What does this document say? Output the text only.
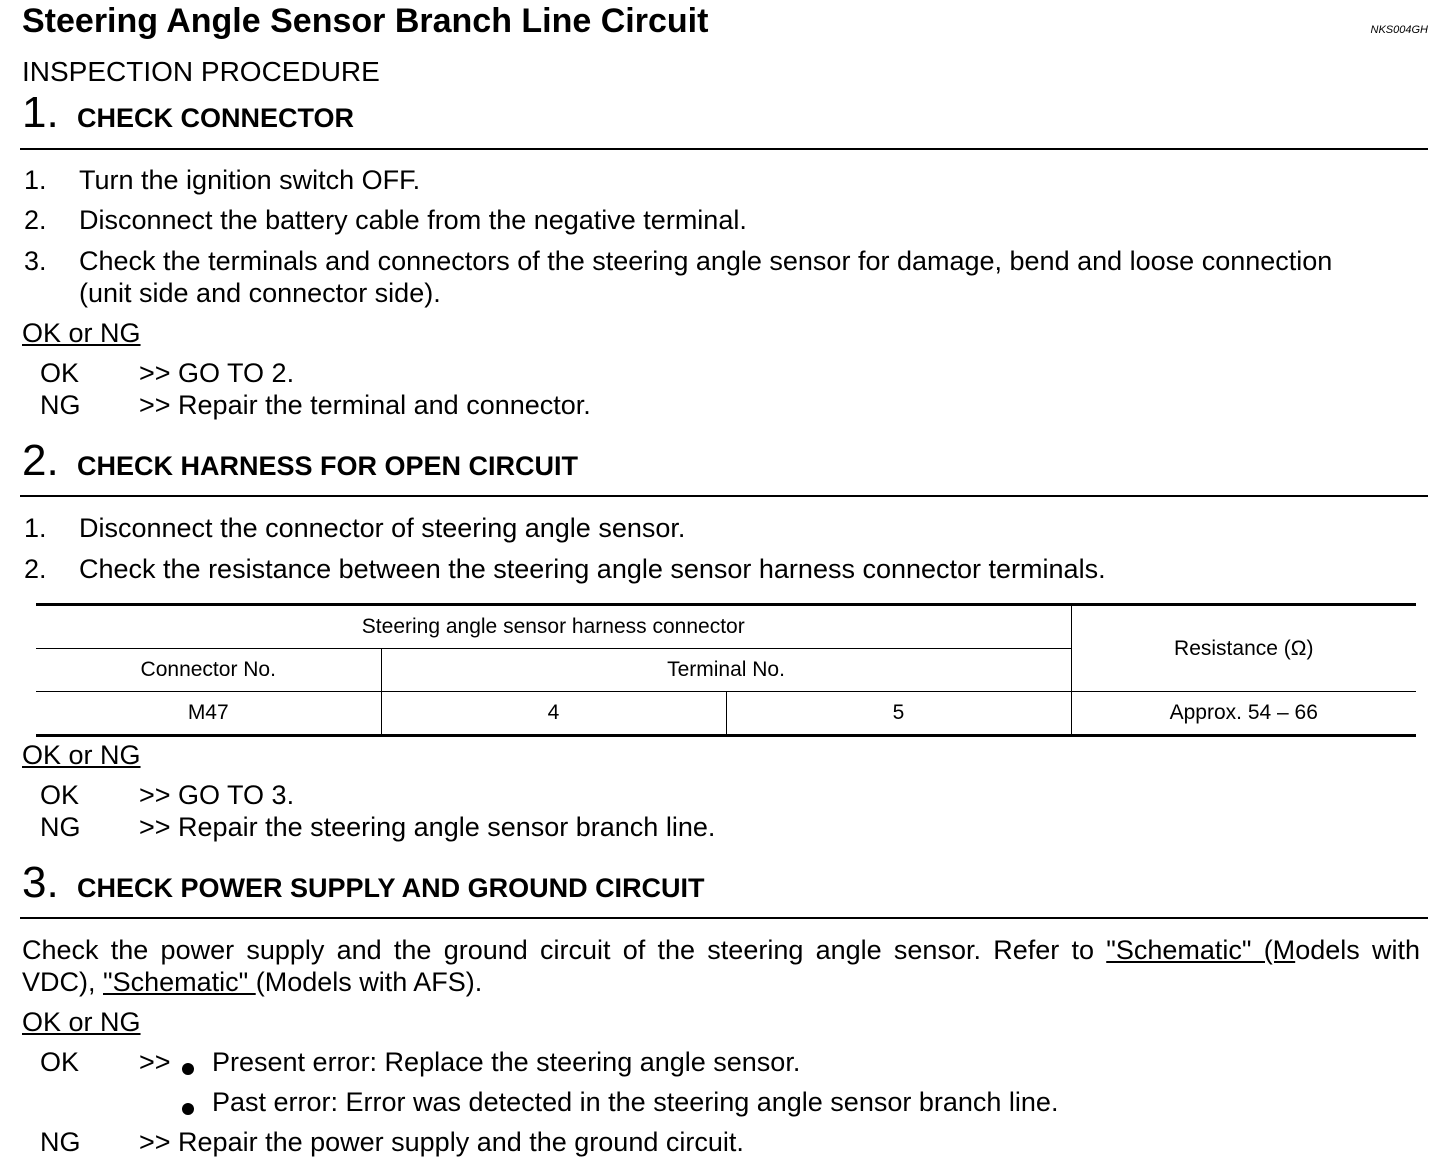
Steering Angle Sensor Branch Line Circuit	NKS004GH
INSPECTION PROCEDURE
1. CHECK CONNECTOR
1. Turn the ignition switch OFF.
2. Disconnect the battery cable from the negative terminal.
3. Check the terminals and connectors of the steering angle sensor for damage, bend and loose connection
(unit side and connector side).
OK or NG
OK >> GO TO 2.
NG >> Repair the terminal and connector.
2. CHECK HARNESS FOR OPEN CIRCUIT
1. Disconnect the connector of steering angle sensor.
2. Check the resistance between the steering angle sensor harness connector terminals.
Steering angle sensor harness connector			Resistance (Ω)
Connector No.	Terminal No.		
M47	4	5	Approx. 54 – 66
OK or NG
OK >> GO TO 3.
NG >> Repair the steering angle sensor branch line.
3. CHECK POWER SUPPLY AND GROUND CIRCUIT
Check the power supply and the ground circuit of the steering angle sensor. Refer to "Schematic" (Models with VDC), "Schematic" (Models with AFS).
OK or NG
OK >> Present error: Replace the steering angle sensor.
Past error: Error was detected in the steering angle sensor branch line.
NG >> Repair the power supply and the ground circuit.
